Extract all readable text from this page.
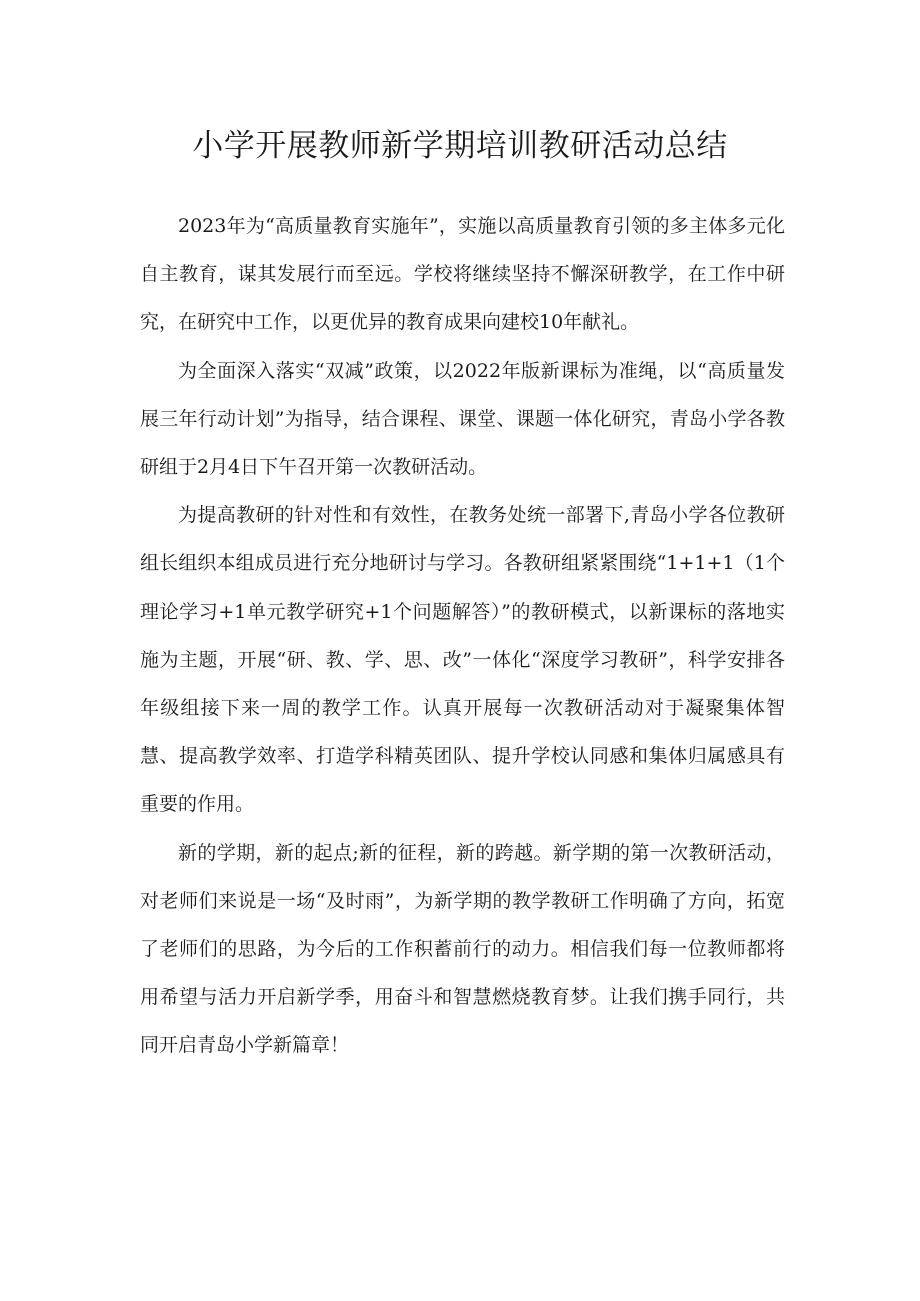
小学开展教师新学期培训教研活动总结

2023年为“高质量教育实施年”，实施以高质量教育引领的多主体多元化自主教育，谋其发展行而至远。学校将继续坚持不懈深研教学，在工作中研究，在研究中工作，以更优异的教育成果向建校10年献礼。

为全面深入落实“双减”政策，以2022年版新课标为准绳，以“高质量发展三年行动计划”为指导，结合课程、课堂、课题一体化研究，青岛小学各教研组于2月4日下午召开第一次教研活动。

为提高教研的针对性和有效性，在教务处统一部署下,青岛小学各位教研组长组织本组成员进行充分地研讨与学习。各教研组紧紧围绕“1+1+1（1个理论学习+1单元教学研究+1个问题解答）”的教研模式，以新课标的落地实施为主题，开展“研、教、学、思、改”一体化“深度学习教研”，科学安排各年级组接下来一周的教学工作。认真开展每一次教研活动对于凝聚集体智慧、提高教学效率、打造学科精英团队、提升学校认同感和集体归属感具有重要的作用。

新的学期，新的起点;新的征程，新的跨越。新学期的第一次教研活动，对老师们来说是一场“及时雨”，为新学期的教学教研工作明确了方向，拓宽了老师们的思路，为今后的工作积蓄前行的动力。相信我们每一位教师都将用希望与活力开启新学季，用奋斗和智慧燃烧教育梦。让我们携手同行，共同开启青岛小学新篇章！
